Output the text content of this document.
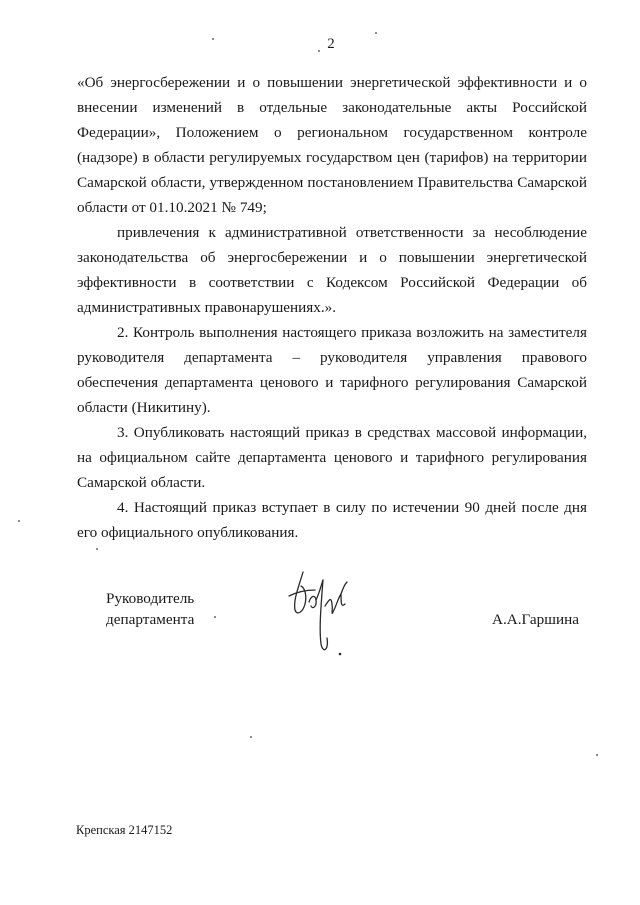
2

«Об энергосбережении и о повышении энергетической эффективности и о внесении изменений в отдельные законодательные акты Российской Федерации», Положением о региональном государственном контроле (надзоре) в области регулируемых государством цен (тарифов) на территории Самарской области, утвержденном постановлением Правительства Самарской области от 01.10.2021 № 749;

привлечения к административной ответственности за несоблюдение законодательства об энергосбережении и о повышении энергетической эффективности в соответствии с Кодексом Российской Федерации об административных правонарушениях.».

2. Контроль выполнения настоящего приказа возложить на заместителя руководителя департамента – руководителя управления правового обеспечения департамента ценового и тарифного регулирования Самарской области (Никитину).

3. Опубликовать настоящий приказ в средствах массовой информации, на официальном сайте департамента ценового и тарифного регулирования Самарской области.

4. Настоящий приказ вступает в силу по истечении 90 дней после дня его официального опубликования.

Руководитель
департамента	А.А.Гаршина
Крепская 2147152
